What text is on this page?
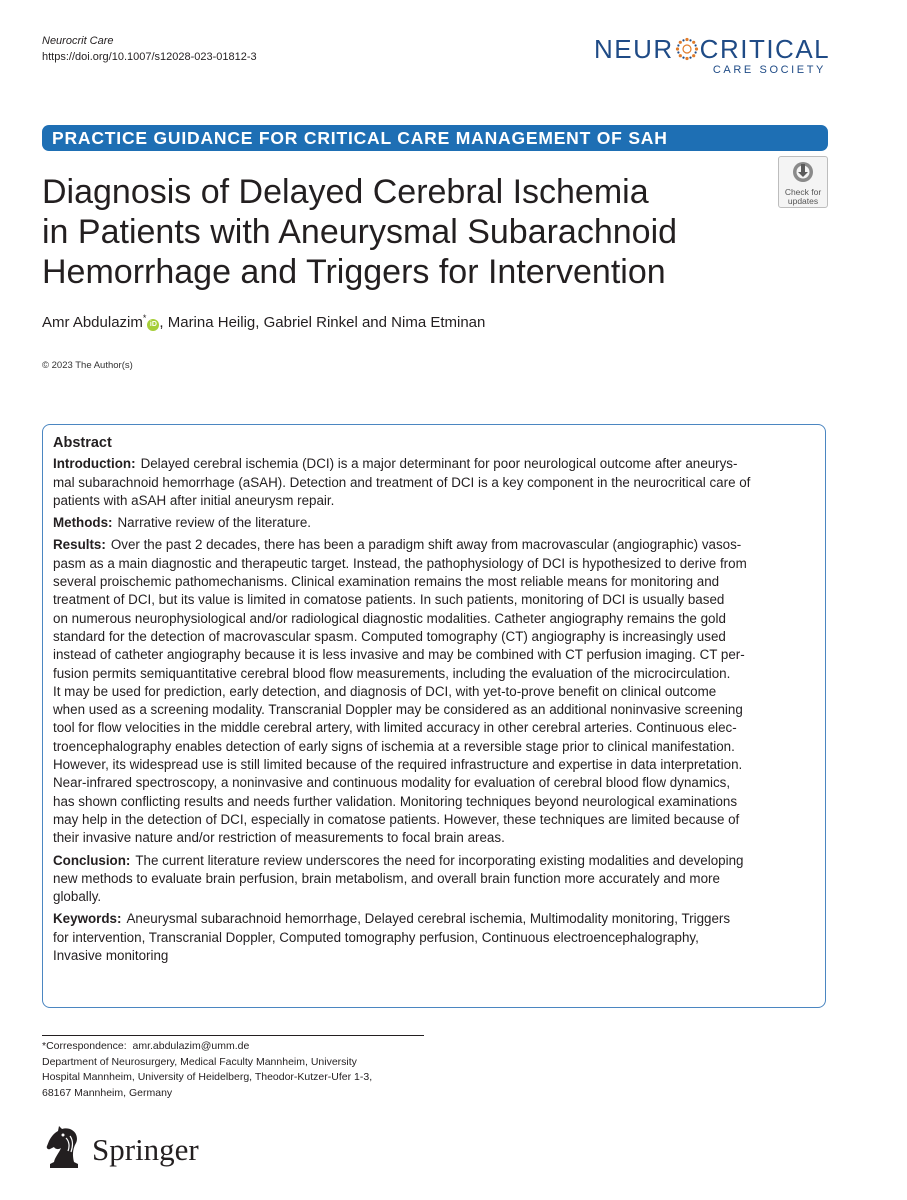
Neurocrit Care
https://doi.org/10.1007/s12028-023-01812-3	NEUR CRITICAL
CARE SOCIETY
PRACTICE GUIDANCE FOR CRITICAL CARE MANAGEMENT OF SAH
Diagnosis of Delayed Cerebral Ischemia
in Patients with Aneurysmal Subarachnoid
Hemorrhage and Triggers for Intervention
Check for
updates
Amr Abdulazim*iD , Marina Heilig, Gabriel Rinkel and Nima Etminan
© 2023 The Author(s)
Abstract
Introduction: Delayed cerebral ischemia (DCI) is a major determinant for poor neurological outcome after aneurys-
mal subarachnoid hemorrhage (aSAH). Detection and treatment of DCI is a key component in the neurocritical care of
patients with aSAH after initial aneurysm repair.
Methods: Narrative review of the literature.
Results: Over the past 2 decades, there has been a paradigm shift away from macrovascular (angiographic) vasos-
pasm as a main diagnostic and therapeutic target. Instead, the pathophysiology of DCI is hypothesized to derive from
several proischemic pathomechanisms. Clinical examination remains the most reliable means for monitoring and
treatment of DCI, but its value is limited in comatose patients. In such patients, monitoring of DCI is usually based
on numerous neurophysiological and/or radiological diagnostic modalities. Catheter angiography remains the gold
standard for the detection of macrovascular spasm. Computed tomography (CT) angiography is increasingly used
instead of catheter angiography because it is less invasive and may be combined with CT perfusion imaging. CT per-
fusion permits semiquantitative cerebral blood flow measurements, including the evaluation of the microcirculation.
It may be used for prediction, early detection, and diagnosis of DCI, with yet-to-prove benefit on clinical outcome
when used as a screening modality. Transcranial Doppler may be considered as an additional noninvasive screening
tool for flow velocities in the middle cerebral artery, with limited accuracy in other cerebral arteries. Continuous elec-
troencephalography enables detection of early signs of ischemia at a reversible stage prior to clinical manifestation.
However, its widespread use is still limited because of the required infrastructure and expertise in data interpretation.
Near-infrared spectroscopy, a noninvasive and continuous modality for evaluation of cerebral blood flow dynamics,
has shown conflicting results and needs further validation. Monitoring techniques beyond neurological examinations
may help in the detection of DCI, especially in comatose patients. However, these techniques are limited because of
their invasive nature and/or restriction of measurements to focal brain areas.
Conclusion: The current literature review underscores the need for incorporating existing modalities and developing
new methods to evaluate brain perfusion, brain metabolism, and overall brain function more accurately and more
globally.
Keywords: Aneurysmal subarachnoid hemorrhage, Delayed cerebral ischemia, Multimodality monitoring, Triggers
for intervention, Transcranial Doppler, Computed tomography perfusion, Continuous electroencephalography,
Invasive monitoring
*Correspondence: amr.abdulazim@umm.de
Department of Neurosurgery, Medical Faculty Mannheim, University
Hospital Mannheim, University of Heidelberg, Theodor-Kutzer-Ufer 1-3,
68167 Mannheim, Germany
Springer
